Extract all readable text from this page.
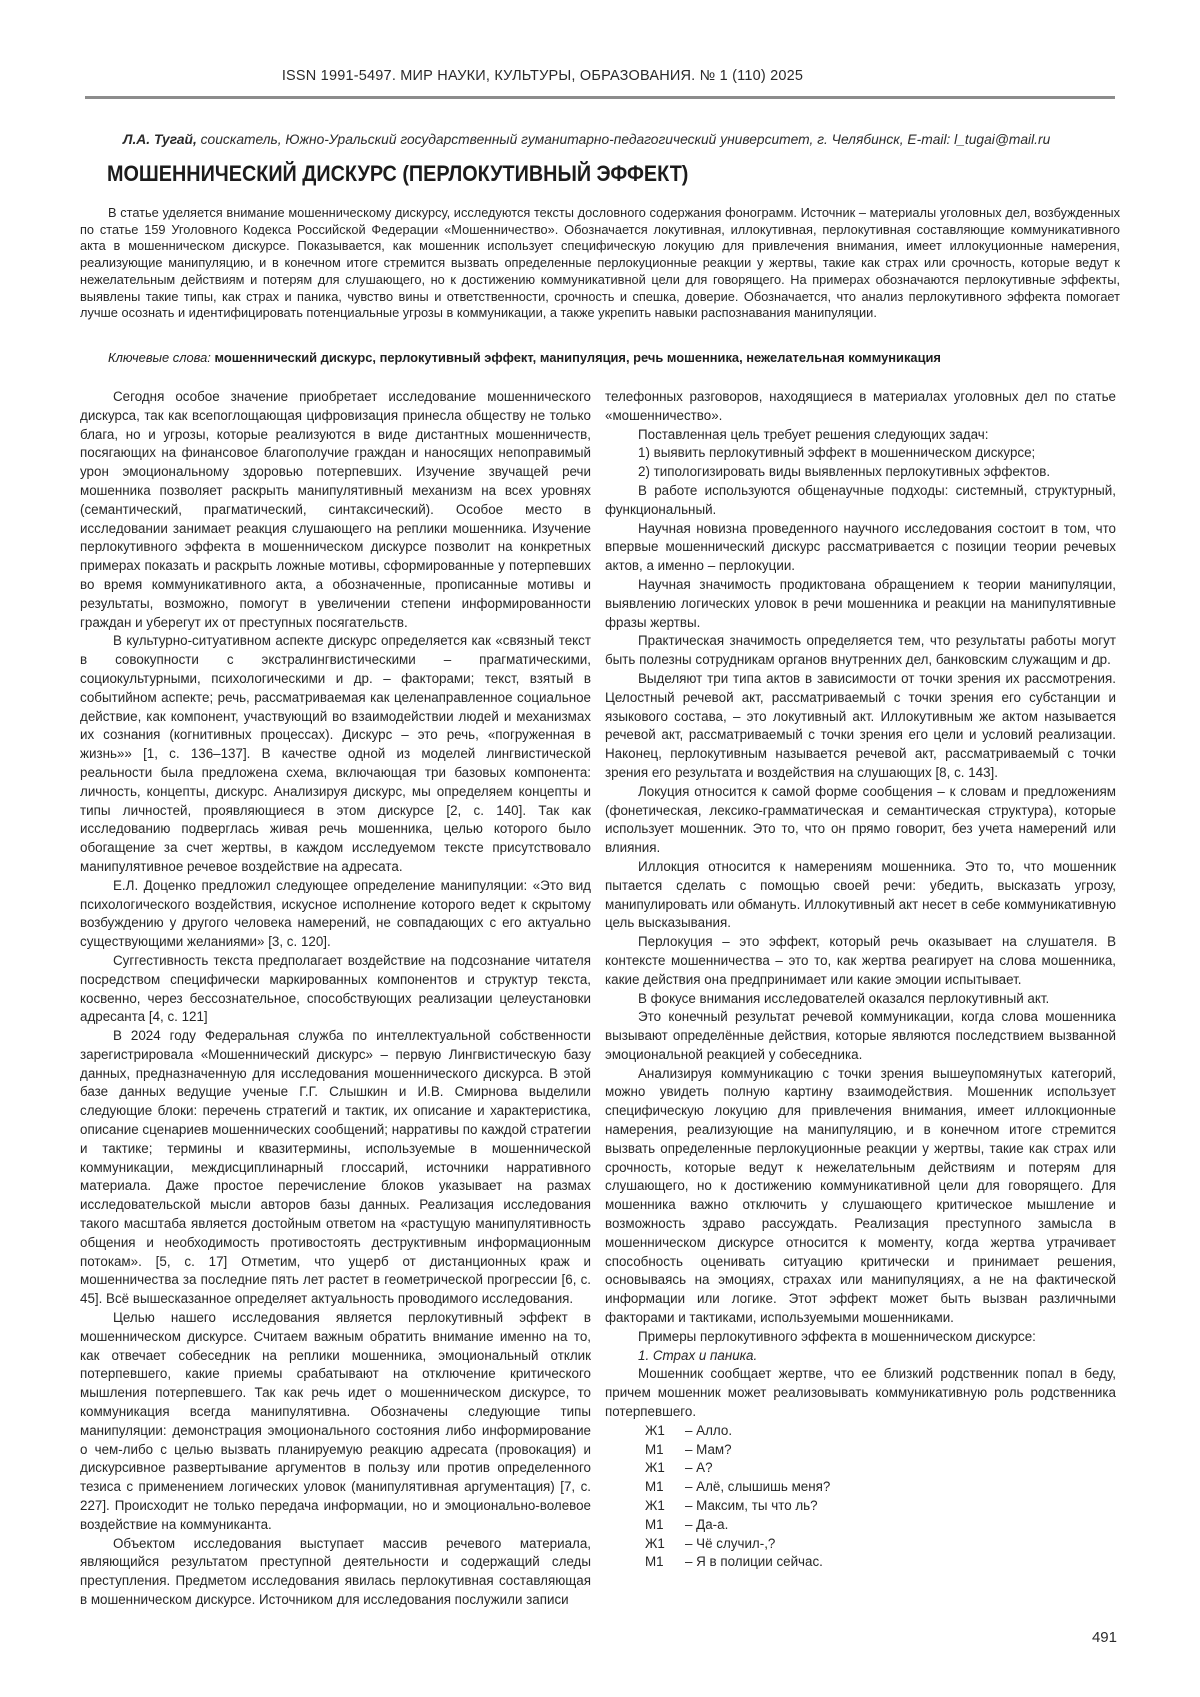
ISSN 1991-5497. МИР НАУКИ, КУЛЬТУРЫ, ОБРАЗОВАНИЯ. № 1 (110) 2025
Л.А. Тугай, соискатель, Южно-Уральский государственный гуманитарно-педагогический университет, г. Челябинск, E-mail: l_tugai@mail.ru
МОШЕННИЧЕСКИЙ ДИСКУРС (ПЕРЛОКУТИВНЫЙ ЭФФЕКТ)

В статье уделяется внимание мошенническому дискурсу, исследуются тексты дословного содержания фонограмм. Источник – материалы уголовных дел, возбужденных по статье 159 Уголовного Кодекса Российской Федерации «Мошенничество». Обозначается локутивная, иллокутивная, перлокутивная составляющие коммуникативного акта в мошенническом дискурсе. Показывается, как мошенник использует специфическую локуцию для привлечения внимания, имеет иллокуционные намерения, реализующие манипуляцию, и в конечном итоге стремится вызвать определенные перлокуционные реакции у жертвы, такие как страх или срочность, которые ведут к нежелательным действиям и потерям для слушающего, но к достижению коммуникативной цели для говорящего. На примерах обозначаются перлокутивные эффекты, выявлены такие типы, как страх и паника, чувство вины и ответственности, срочность и спешка, доверие. Обозначается, что анализ перлокутивного эффекта помогает лучше осознать и идентифицировать потенциальные угрозы в коммуникации, а также укрепить навыки распознавания манипуляции.

Ключевые слова: мошеннический дискурс, перлокутивный эффект, манипуляция, речь мошенника, нежелательная коммуникация

Сегодня особое значение приобретает исследование мошеннического дискурса, так как всепоглощающая цифровизация принесла обществу не только блага, но и угрозы, которые реализуются в виде дистантных мошенничеств, посягающих на финансовое благополучие граждан и наносящих непоправимый урон эмоциональному здоровью потерпевших. Изучение звучащей речи мошенника позволяет раскрыть манипулятивный механизм на всех уровнях (семантический, прагматический, синтаксический). Особое место в исследовании занимает реакция слушающего на реплики мошенника. Изучение перлокутивного эффекта в мошенническом дискурсе позволит на конкретных примерах показать и раскрыть ложные мотивы, сформированные у потерпевших во время коммуникативного акта, а обозначенные, прописанные мотивы и результаты, возможно, помогут в увеличении степени информированности граждан и уберегут их от преступных посягательств.

В культурно-ситуативном аспекте дискурс определяется как «связный текст в совокупности с экстралингвистическими – прагматическими, социокультурными, психологическими и др. – факторами; текст, взятый в событийном аспекте; речь, рассматриваемая как целенаправленное социальное действие, как компонент, участвующий во взаимодействии людей и механизмах их сознания (когнитивных процессах). Дискурс – это речь, «погруженная в жизнь»» [1, с. 136–137]. В качестве одной из моделей лингвистической реальности была предложена схема, включающая три базовых компонента: личность, концепты, дискурс. Анализируя дискурс, мы определяем концепты и типы личностей, проявляющиеся в этом дискурсе [2, с. 140]. Так как исследованию подверглась живая речь мошенника, целью которого было обогащение за счет жертвы, в каждом исследуемом тексте присутствовало манипулятивное речевое воздействие на адресата.

Е.Л. Доценко предложил следующее определение манипуляции: «Это вид психологического воздействия, искусное исполнение которого ведет к скрытому возбуждению у другого человека намерений, не совпадающих с его актуально существующими желаниями» [3, с. 120].

Суггестивность текста предполагает воздействие на подсознание читателя посредством специфически маркированных компонентов и структур текста, косвенно, через бессознательное, способствующих реализации целеустановки адресанта [4, с. 121]

В 2024 году Федеральная служба по интеллектуальной собственности зарегистрировала «Мошеннический дискурс» – первую Лингвистическую базу данных, предназначенную для исследования мошеннического дискурса. В этой базе данных ведущие ученые Г.Г. Слышкин и И.В. Смирнова выделили следующие блоки: перечень стратегий и тактик, их описание и характеристика, описание сценариев мошеннических сообщений; нарративы по каждой стратегии и тактике; термины и квазитермины, используемые в мошеннической коммуникации, междисциплинарный глоссарий, источники нарративного материала. Даже простое перечисление блоков указывает на размах исследовательской мысли авторов базы данных. Реализация исследования такого масштаба является достойным ответом на «растущую манипулятивность общения и необходимость противостоять деструктивным информационным потокам». [5, с. 17] Отметим, что ущерб от дистанционных краж и мошенничества за последние пять лет растет в геометрической прогрессии [6, с. 45]. Всё вышесказанное определяет актуальность проводимого исследования.

Целью нашего исследования является перлокутивный эффект в мошенническом дискурсе. Считаем важным обратить внимание именно на то, как отвечает собеседник на реплики мошенника, эмоциональный отклик потерпевшего, какие приемы срабатывают на отключение критического мышления потерпевшего. Так как речь идет о мошенническом дискурсе, то коммуникация всегда манипулятивна. Обозначены следующие типы манипуляции: демонстрация эмоционального состояния либо информирование о чем-либо с целью вызвать планируемую реакцию адресата (провокация) и дискурсивное развертывание аргументов в пользу или против определенного тезиса с применением логических уловок (манипулятивная аргументация) [7, с. 227]. Происходит не только передача информации, но и эмоционально-волевое воздействие на коммуниканта.

Объектом исследования выступает массив речевого материала, являющийся результатом преступной деятельности и содержащий следы преступления. Предметом исследования явилась перлокутивная составляющая в мошенническом дискурсе. Источником для исследования послужили записи

телефонных разговоров, находящиеся в материалах уголовных дел по статье «мошенничество».

Поставленная цель требует решения следующих задач:

1) выявить перлокутивный эффект в мошенническом дискурсе;

2) типологизировать виды выявленных перлокутивных эффектов.

В работе используются общенаучные подходы: системный, структурный, функциональный.

Научная новизна проведенного научного исследования состоит в том, что впервые мошеннический дискурс рассматривается с позиции теории речевых актов, а именно – перлокуции.

Научная значимость продиктована обращением к теории манипуляции, выявлению логических уловок в речи мошенника и реакции на манипулятивные фразы жертвы.

Практическая значимость определяется тем, что результаты работы могут быть полезны сотрудникам органов внутренних дел, банковским служащим и др.

Выделяют три типа актов в зависимости от точки зрения их рассмотрения. Целостный речевой акт, рассматриваемый с точки зрения его субстанции и языкового состава, – это локутивный акт. Иллокутивным же актом называется речевой акт, рассматриваемый с точки зрения его цели и условий реализации. Наконец, перлокутивным называется речевой акт, рассматриваемый с точки зрения его результата и воздействия на слушающих [8, с. 143].

Локуция относится к самой форме сообщения – к словам и предложениям (фонетическая, лексико-грамматическая и семантическая структура), которые использует мошенник. Это то, что он прямо говорит, без учета намерений или влияния.

Иллокция относится к намерениям мошенника. Это то, что мошенник пытается сделать с помощью своей речи: убедить, высказать угрозу, манипулировать или обмануть. Иллокутивный акт несет в себе коммуникативную цель высказывания.

Перлокуция – это эффект, который речь оказывает на слушателя. В контексте мошенничества – это то, как жертва реагирует на слова мошенника, какие действия она предпринимает или какие эмоции испытывает.

В фокусе внимания исследователей оказался перлокутивный акт.

Это конечный результат речевой коммуникации, когда слова мошенника вызывают определённые действия, которые являются последствием вызванной эмоциональной реакцией у собеседника.

Анализируя коммуникацию с точки зрения вышеупомянутых категорий, можно увидеть полную картину взаимодействия. Мошенник использует специфическую локуцию для привлечения внимания, имеет иллокционные намерения, реализующие на манипуляцию, и в конечном итоге стремится вызвать определенные перлокуционные реакции у жертвы, такие как страх или срочность, которые ведут к нежелательным действиям и потерям для слушающего, но к достижению коммуникативной цели для говорящего. Для мошенника важно отключить у слушающего критическое мышление и возможность здраво рассуждать. Реализация преступного замысла в мошенническом дискурсе относится к моменту, когда жертва утрачивает способность оценивать ситуацию критически и принимает решения, основываясь на эмоциях, страхах или манипуляциях, а не на фактической информации или логике. Этот эффект может быть вызван различными факторами и тактиками, используемыми мошенниками.

Примеры перлокутивного эффекта в мошенническом дискурсе:

1. Страх и паника.

Мошенник сообщает жертве, что ее близкий родственник попал в беду, причем мошенник может реализовывать коммуникативную роль родственника потерпевшего.

Ж1 – Алло.

М1 – Мам?

Ж1 – А?

М1 – Алё, слышишь меня?

Ж1 – Максим, ты что ль?

М1 – Да-а.

Ж1 – Чё случил-,?

М1 – Я в полиции сейчас.

491
